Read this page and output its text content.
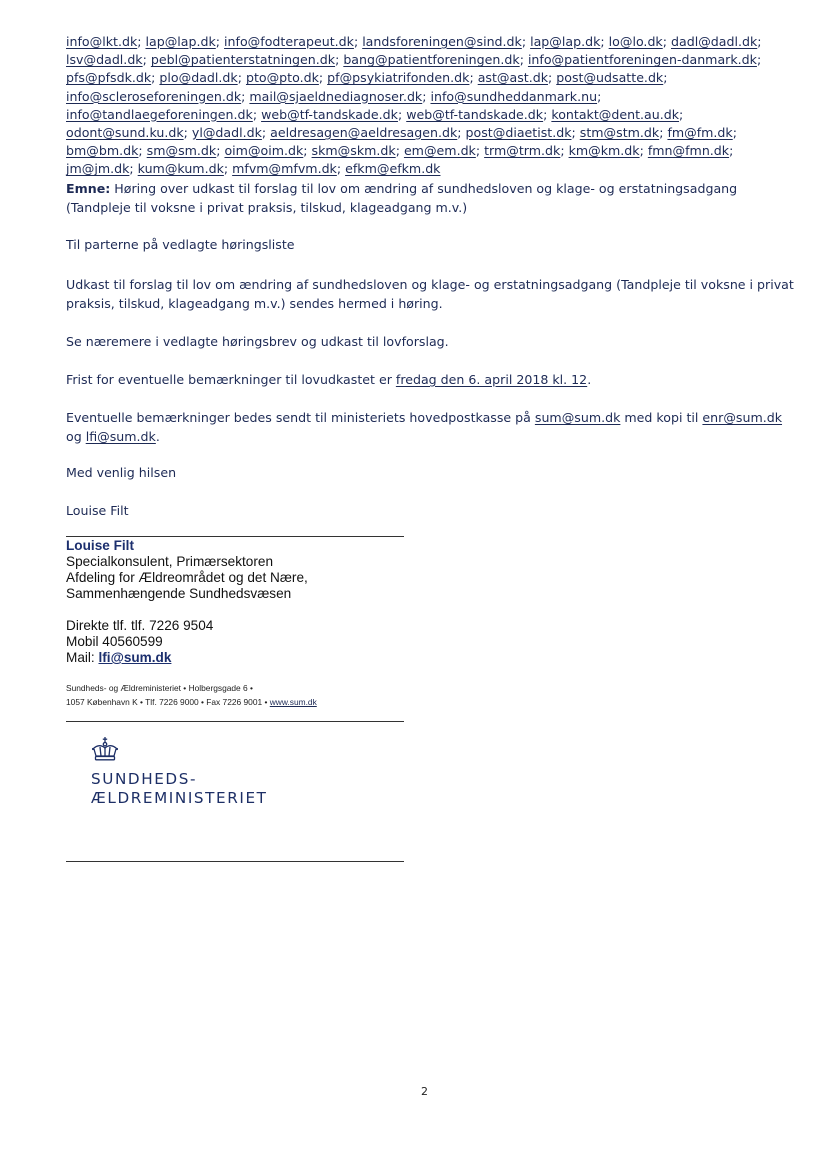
info@lkt.dk; lap@lap.dk; info@fodterapeut.dk; landsforeningen@sind.dk; lap@lap.dk; lo@lo.dk; dadl@dadl.dk; lsv@dadl.dk; pebl@patienterstatningen.dk; bang@patientforeningen.dk; info@patientforeningen-danmark.dk; pfs@pfsdk.dk; plo@dadl.dk; pto@pto.dk; pf@psykiatrifonden.dk; ast@ast.dk; post@udsatte.dk; info@scleroseforeningen.dk; mail@sjaeldnediagnoser.dk; info@sundheddanmark.nu; info@tandlaegeforeningen.dk; web@tf-tandskade.dk; web@tf-tandskade.dk; kontakt@dent.au.dk; odont@sund.ku.dk; yl@dadl.dk; aeldresagen@aeldresagen.dk; post@diaetist.dk; stm@stm.dk; fm@fm.dk; bm@bm.dk; sm@sm.dk; oim@oim.dk; skm@skm.dk; em@em.dk; trm@trm.dk; km@km.dk; fmn@fmn.dk; jm@jm.dk; kum@kum.dk; mfvm@mfvm.dk; efkm@efkm.dk
Emne: Høring over udkast til forslag til lov om ændring af sundhedsloven og klage- og erstatningsadgang (Tandpleje til voksne i privat praksis, tilskud, klageadgang m.v.)
Til parterne på vedlagte høringsliste
Udkast til forslag til lov om ændring af sundhedsloven og klage- og erstatningsadgang (Tandpleje til voksne i privat praksis, tilskud, klageadgang m.v.) sendes hermed i høring.
Se næremere i vedlagte høringsbrev og udkast til lovforslag.
Frist for eventuelle bemærkninger til lovudkastet er fredag den 6. april 2018 kl. 12.
Eventuelle bemærkninger bedes sendt til ministeriets hovedpostkasse på sum@sum.dk med kopi til enr@sum.dk og lfi@sum.dk.
Med venlig hilsen
Louise Filt
Louise Filt
Specialkonsulent, Primærsektoren
Afdeling for Ældreområdet og det Nære,
Sammenhængende Sundhedsvæsen
Direkte tlf. tlf. 7226 9504
Mobil 40560599
Mail: lfi@sum.dk
Sundheds- og Ældreministeriet • Holbergsgade 6 •
1057 København K • Tlf. 7226 9000 • Fax 7226 9001 • www.sum.dk
SUNDHEDS-
ÆLDREMINISTERIET
2
